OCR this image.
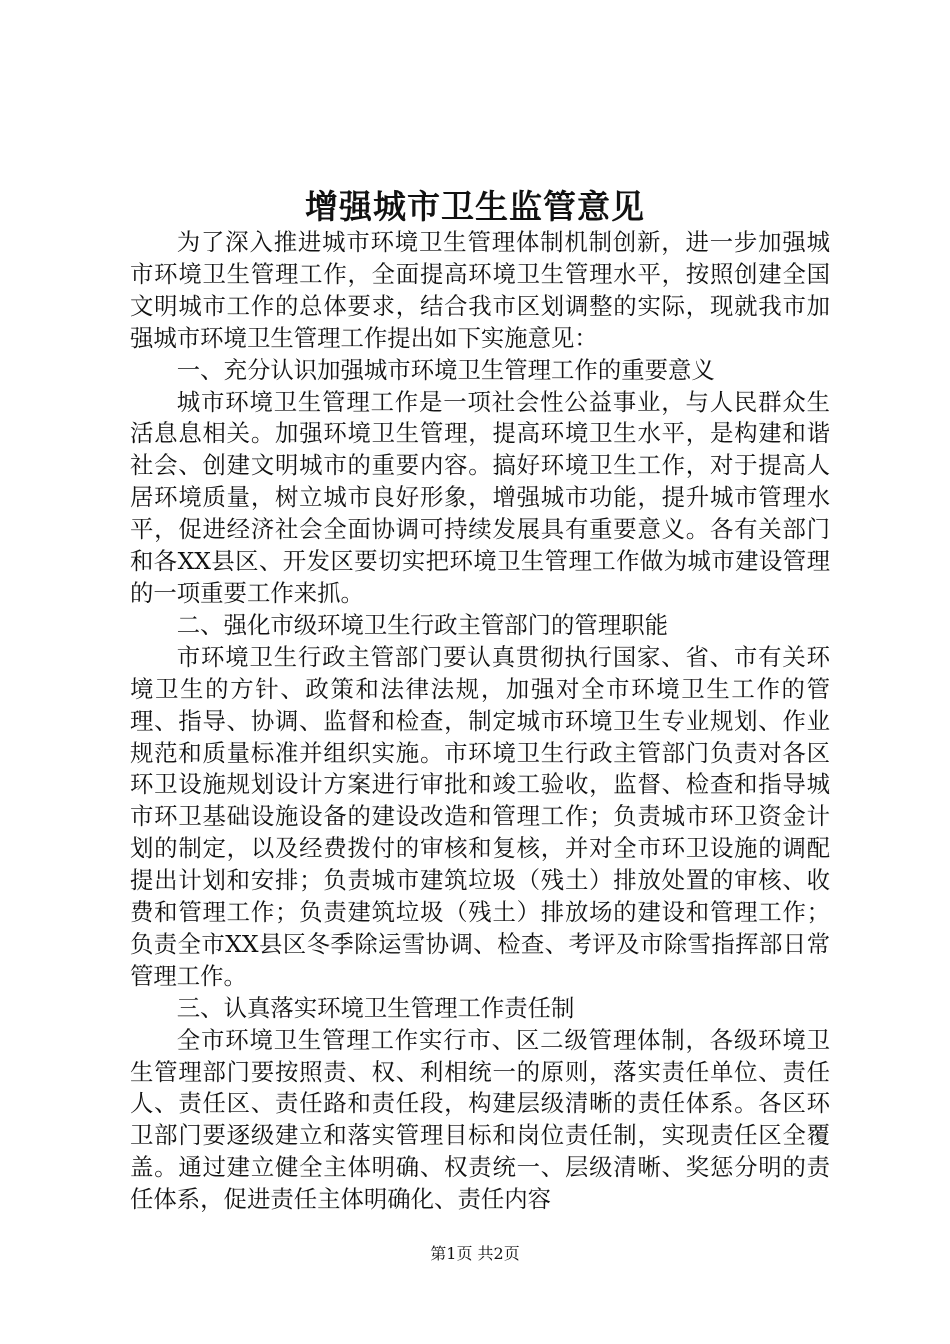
增强城市卫生监管意见

为了深入推进城市环境卫生管理体制机制创新，进一步加强城市环境卫生管理工作，全面提高环境卫生管理水平，按照创建全国文明城市工作的总体要求，结合我市区划调整的实际，现就我市加强城市环境卫生管理工作提出如下实施意见：

一、充分认识加强城市环境卫生管理工作的重要意义

城市环境卫生管理工作是一项社会性公益事业，与人民群众生活息息相关。加强环境卫生管理，提高环境卫生水平，是构建和谐社会、创建文明城市的重要内容。搞好环境卫生工作，对于提高人居环境质量，树立城市良好形象，增强城市功能，提升城市管理水平，促进经济社会全面协调可持续发展具有重要意义。各有关部门和各XX县区、开发区要切实把环境卫生管理工作做为城市建设管理的一项重要工作来抓。

二、强化市级环境卫生行政主管部门的管理职能

市环境卫生行政主管部门要认真贯彻执行国家、省、市有关环境卫生的方针、政策和法律法规，加强对全市环境卫生工作的管理、指导、协调、监督和检查，制定城市环境卫生专业规划、作业规范和质量标准并组织实施。市环境卫生行政主管部门负责对各区环卫设施规划设计方案进行审批和竣工验收，监督、检查和指导城市环卫基础设施设备的建设改造和管理工作；负责城市环卫资金计划的制定，以及经费拨付的审核和复核，并对全市环卫设施的调配提出计划和安排；负责城市建筑垃圾（残土）排放处置的审核、收费和管理工作；负责建筑垃圾（残土）排放场的建设和管理工作；负责全市XX县区冬季除运雪协调、检查、考评及市除雪指挥部日常管理工作。

三、认真落实环境卫生管理工作责任制

全市环境卫生管理工作实行市、区二级管理体制，各级环境卫生管理部门要按照责、权、利相统一的原则，落实责任单位、责任人、责任区、责任路和责任段，构建层级清晰的责任体系。各区环卫部门要逐级建立和落实管理目标和岗位责任制，实现责任区全覆盖。通过建立健全主体明确、权责统一、层级清晰、奖惩分明的责任体系，促进责任主体明确化、责任内容

第1页 共2页
